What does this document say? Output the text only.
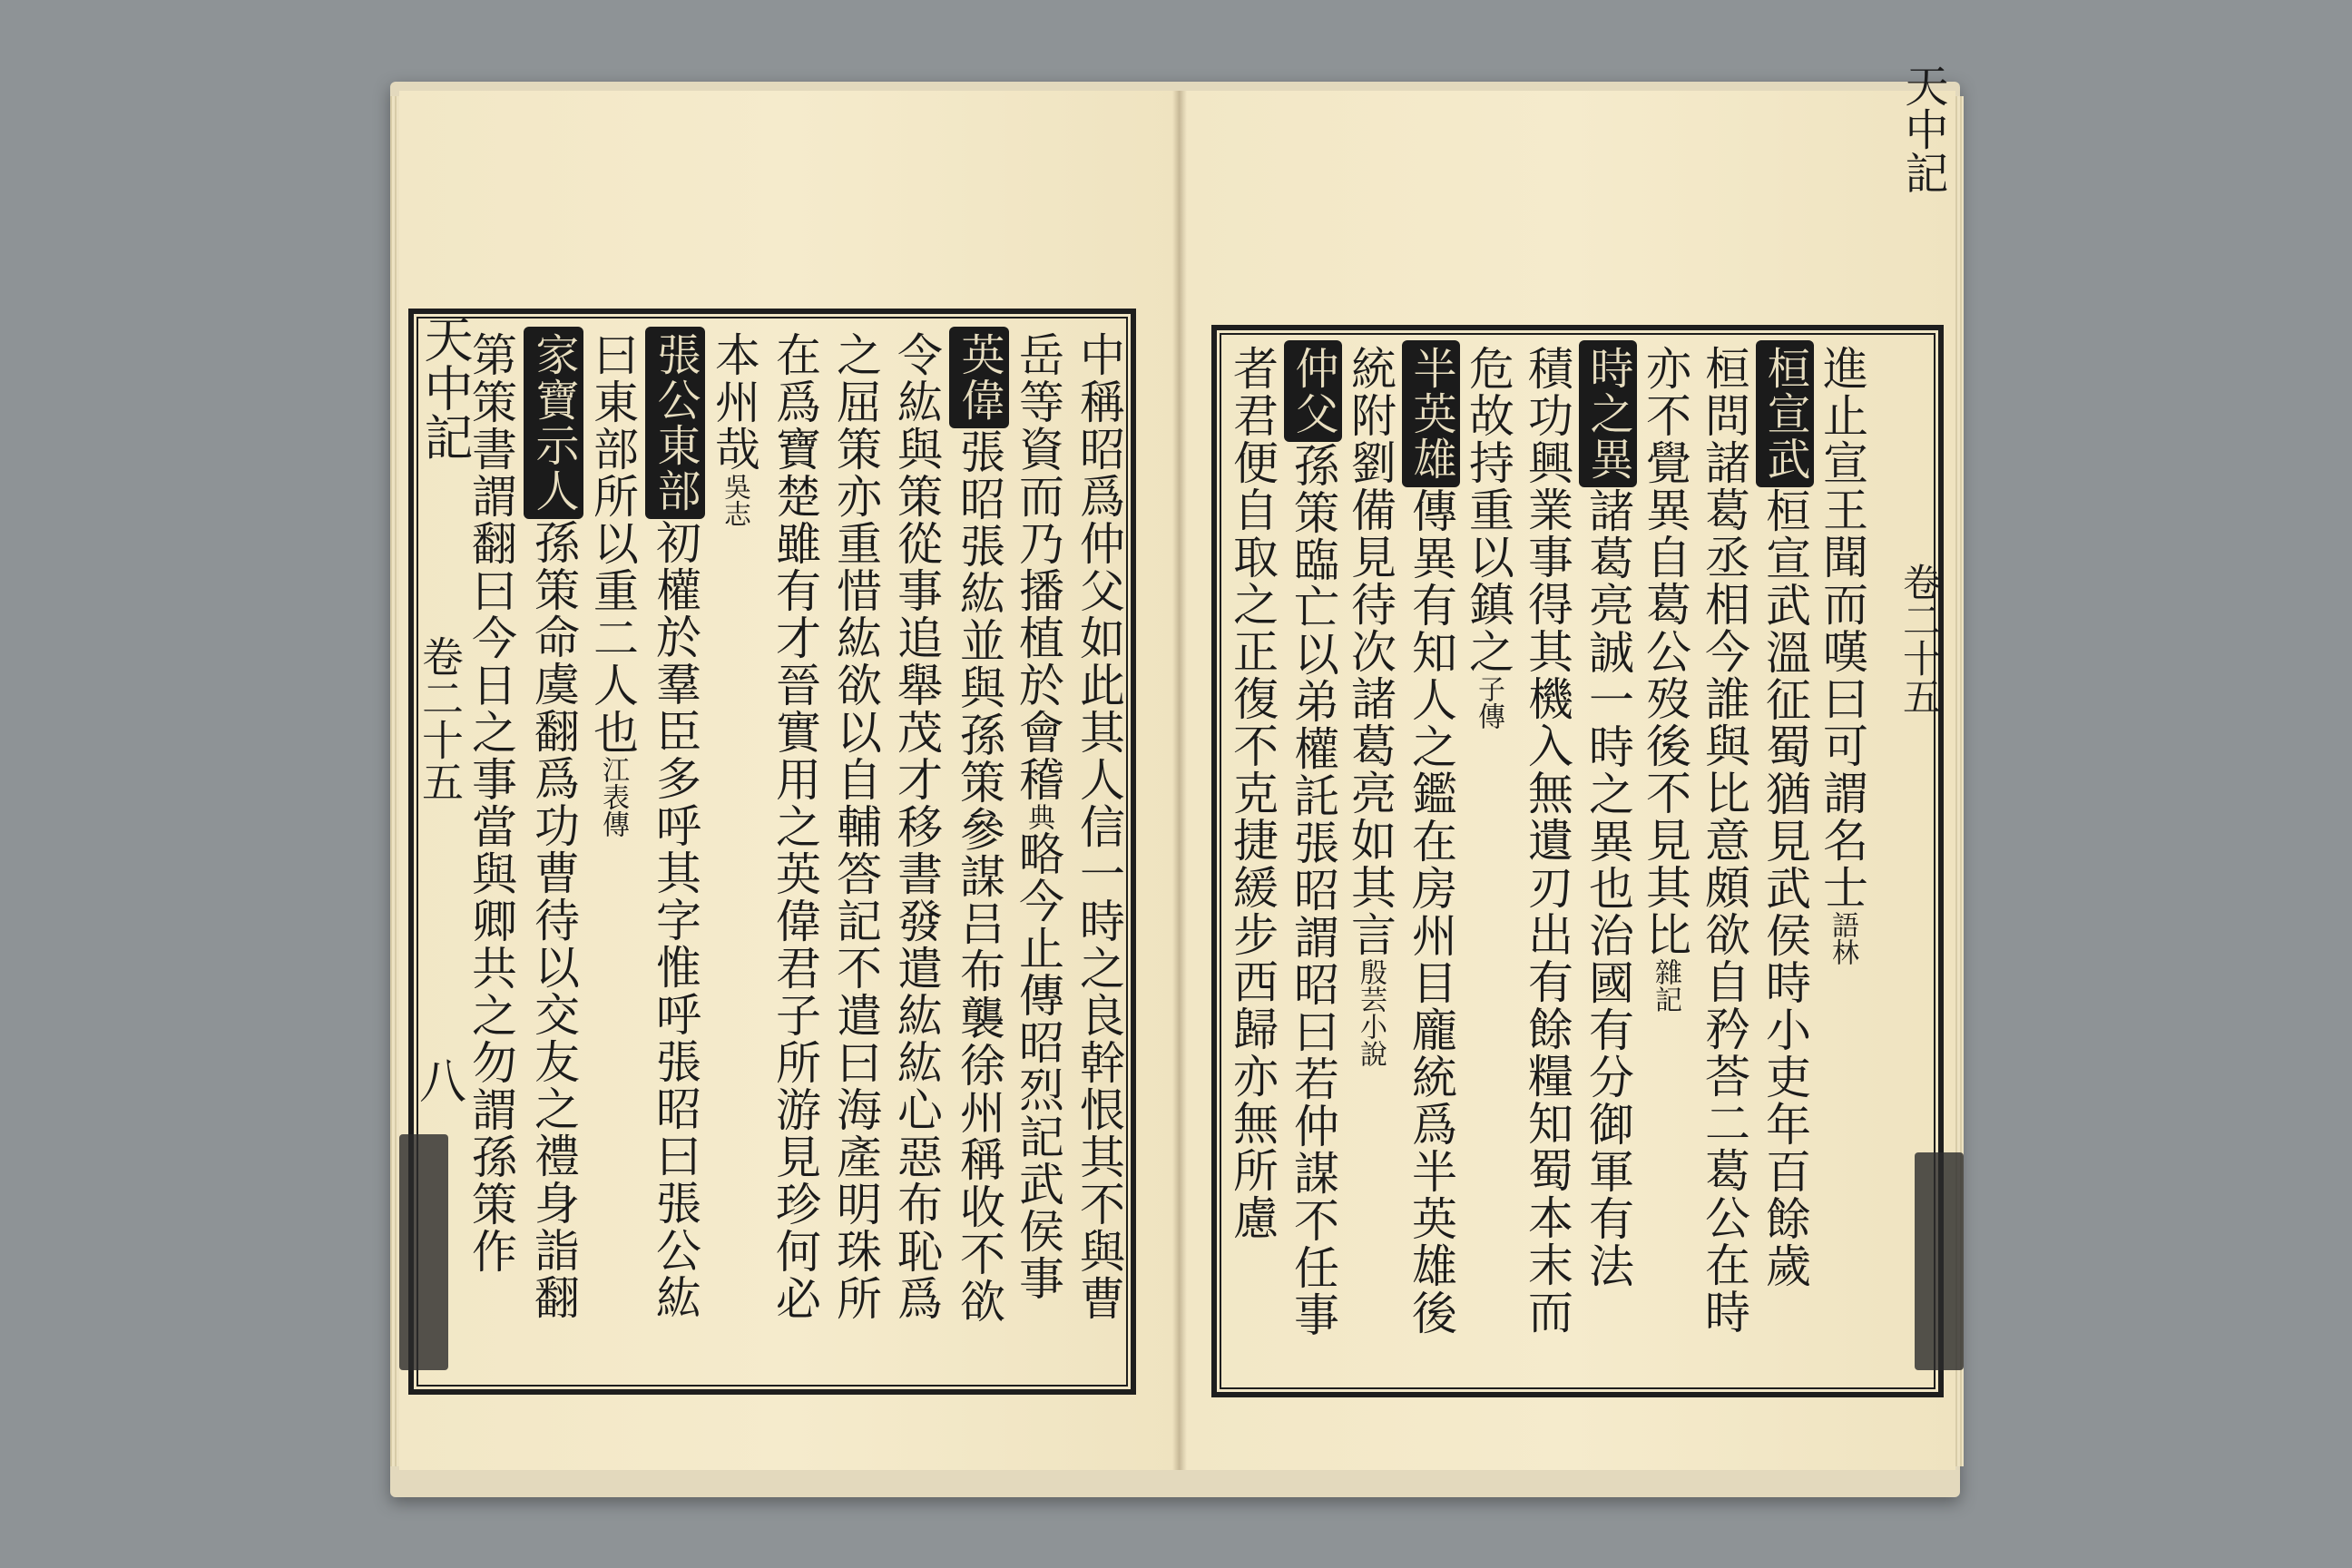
天中記
卷二十五
八	中稱昭爲仲父如此其人信一時之良幹恨其不與曹
岳等資而乃播植於會稽典略今止傳昭烈記武侯事
英偉張昭張紘並與孫策參謀吕布襲徐州稱收不欲
令紘與策從事追舉茂才移書發遣紘紘心惡布恥爲
之屈策亦重惜紘欲以自輔答記不遣曰海產明珠所
在爲寶楚雖有才晉實用之英偉君子所游見珍何必
本州哉吳志
張公東部初權於羣臣多呼其字惟呼張昭曰張公紘
曰東部所以重二人也江表傳
家寶示人孫策命虞翻爲功曹待以交友之禮身詣翻
第策書謂翻曰今日之事當與卿共之勿謂孫策作
天中記
卷二十五
進止宣王聞而嘆曰可謂名士語林
桓宣武桓宣武溫征蜀猶見武侯時小吏年百餘歲
桓問諸葛丞相今誰與比意頗欲自矜荅二葛公在時
亦不覺異自葛公歿後不見其比雜記
時之異諸葛亮誠一時之異也治國有分御軍有法
積功興業事得其機入無遺刃出有餘糧知蜀本末而
危故持重以鎮之子傳
半英雄傳異有知人之鑑在房州目龐統爲半英雄後
統附劉備見待次諸葛亮如其言殷芸小說
仲父孫策臨亡以弟權託張昭謂昭曰若仲謀不任事
者君便自取之正復不克捷緩步西歸亦無所慮
